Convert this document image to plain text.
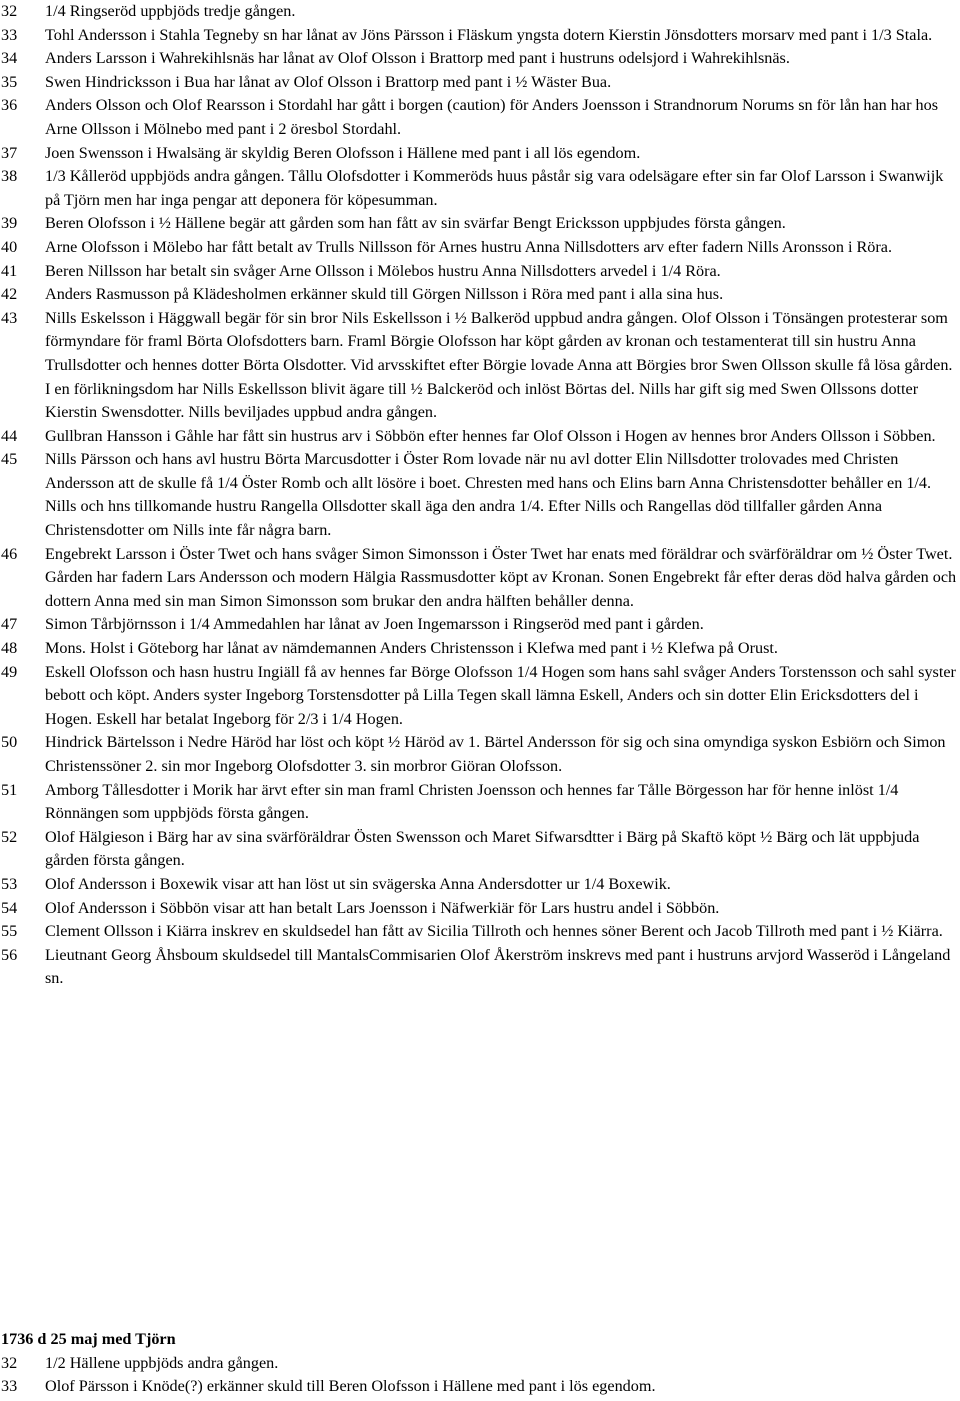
32	1/4 Ringseröd uppbjöds tredje gången.
33	Tohl Andersson i Stahla Tegneby sn har lånat av Jöns Pärsson i Fläskum yngsta dotern Kierstin Jönsdotters morsarv med pant i 1/3 Stala.
34	Anders Larsson i Wahrekihlsnäs har lånat av Olof Olsson i Brattorp med pant i hustruns odelsjord i Wahrekihlsnäs.
35	Swen Hindricksson i Bua har lånat av Olof Olsson i Brattorp med pant i ½ Wäster Bua.
36	Anders Olsson och Olof Rearsson i Stordahl har gått i borgen (caution) för Anders Joensson i Strandnorum Norums sn för lån han har hos Arne Ollsson i Mölnebo med pant i 2 öresbol Stordahl.
37	Joen Swensson i Hwalsäng är skyldig Beren Olofsson i Hällene med pant i all lös egendom.
38	1/3 Kålleröd uppbjöds andra gången. Tållu Olofsdotter i Kommeröds huus påstår sig vara odelsägare efter sin far Olof Larsson i Swanwijk på Tjörn men har inga pengar att deponera för köpesumman.
39	Beren Olofsson i ½ Hällene begär att gården som han fått av sin svärfar Bengt Ericksson uppbjudes första gången.
40	Arne Olofsson i Mölebo har fått betalt av Trulls Nillsson för Arnes hustru Anna Nillsdotters arv efter fadern Nills Aronsson i Röra.
41	Beren Nillsson har betalt sin svåger Arne Ollsson i Mölebos hustru Anna Nillsdotters arvedel i 1/4 Röra.
42	Anders Rasmusson på Klädesholmen erkänner skuld till Görgen Nillsson i Röra med pant i alla sina hus.
43	Nills Eskelsson i Häggwall begär för sin bror Nils Eskellsson i ½ Balkeröd uppbud andra gången. Olof Olsson i Tönsängen protesterar som förmyndare för framl Börta Olofsdotters barn. Framl Börgie Olofsson har köpt gården av kronan och testamenterat till sin hustru Anna Trullsdotter och hennes dotter Börta Olsdotter. Vid arvsskiftet efter Börgie lovade Anna att Börgies bror Swen Ollsson skulle få lösa gården. I en förlikningsdom har Nills Eskellsson blivit ägare till ½ Balckeröd och inlöst Börtas del. Nills har gift sig med Swen Ollssons dotter Kierstin Swensdotter. Nills beviljades uppbud andra gången.
44	Gullbran Hansson i Gåhle har fått sin hustrus arv i Söbbön efter hennes far Olof Olsson i Hogen av hennes bror Anders Ollsson i Söbben.
45	Nills Pärsson och hans avl hustru Börta Marcusdotter i Öster Rom lovade när nu avl dotter Elin Nillsdotter trolovades med Christen Andersson att de skulle få 1/4 Öster Romb och allt lösöre i boet. Chresten med hans och Elins barn Anna Christensdotter behåller en 1/4. Nills och hns tillkomande hustru Rangella Ollsdotter skall äga den andra 1/4. Efter Nills och Rangellas död tillfaller gården Anna Christensdotter om Nills inte får några barn.
46	Engebrekt Larsson i Öster Twet och hans svåger Simon Simonsson i Öster Twet har enats med föräldrar och svärföräldrar om ½ Öster Twet. Gården har fadern Lars Andersson och modern Hälgia Rassmusdotter köpt av Kronan. Sonen Engebrekt får efter deras död halva gården och dottern Anna med sin man Simon Simonsson som brukar den andra hälften behåller denna.
47	Simon Tårbjörnsson i 1/4 Ammedahlen har lånat av Joen Ingemarsson i Ringseröd med pant i gården.
48	Mons. Holst i Göteborg har lånat av nämdemannen Anders Christensson i Klefwa med pant i ½ Klefwa på Orust.
49	Eskell Olofsson och hasn hustru Ingiäll få av hennes far Börge Olofsson 1/4 Hogen som hans sahl svåger Anders Torstensson och sahl syster bebott och köpt. Anders syster Ingeborg Torstensdotter på Lilla Tegen skall lämna Eskell, Anders och sin dotter Elin Ericksdotters del i Hogen. Eskell har betalat Ingeborg för 2/3 i 1/4 Hogen.
50	Hindrick Bärtelsson i Nedre Häröd har löst och köpt ½ Häröd av 1. Bärtel Andersson för sig och sina omyndiga syskon Esbiörn och Simon Christenssöner 2. sin mor Ingeborg Olofsdotter 3. sin morbror Giöran Olofsson.
51	Amborg Tållesdotter i Morik har ärvt efter sin man framl Christen Joensson och hennes far Tålle Börgesson har för henne inlöst 1/4 Rönnängen som uppbjöds första gången.
52	Olof Hälgieson i Bärg har av sina svärföräldrar Östen Swensson och Maret Sifwarsdtter i Bärg på Skaftö köpt ½ Bärg och lät uppbjuda gården första gången.
53	Olof Andersson i Boxewik visar att han löst ut sin svägerska Anna Andersdotter ur 1/4 Boxewik.
54	Olof Andersson i Söbbön visar att han betalt Lars Joensson i Näfwerkiär för Lars hustru andel i Söbbön.
55	Clement Ollsson i Kiärra inskrev en skuldsedel han fått av Sicilia Tillroth och hennes söner Berent och Jacob Tillroth med pant i ½ Kiärra.
56	Lieutnant Georg Åhsboum skuldsedel till MantalsCommisarien Olof Åkerström inskrevs med pant i hustruns arvjord Wasseröd i Långeland sn.
1736 d 25 maj med Tjörn
32	1/2 Hällene uppbjöds andra gången.
33	Olof Pärsson i Knöde(?) erkänner skuld till Beren Olofsson i Hällene med pant i lös egendom.
